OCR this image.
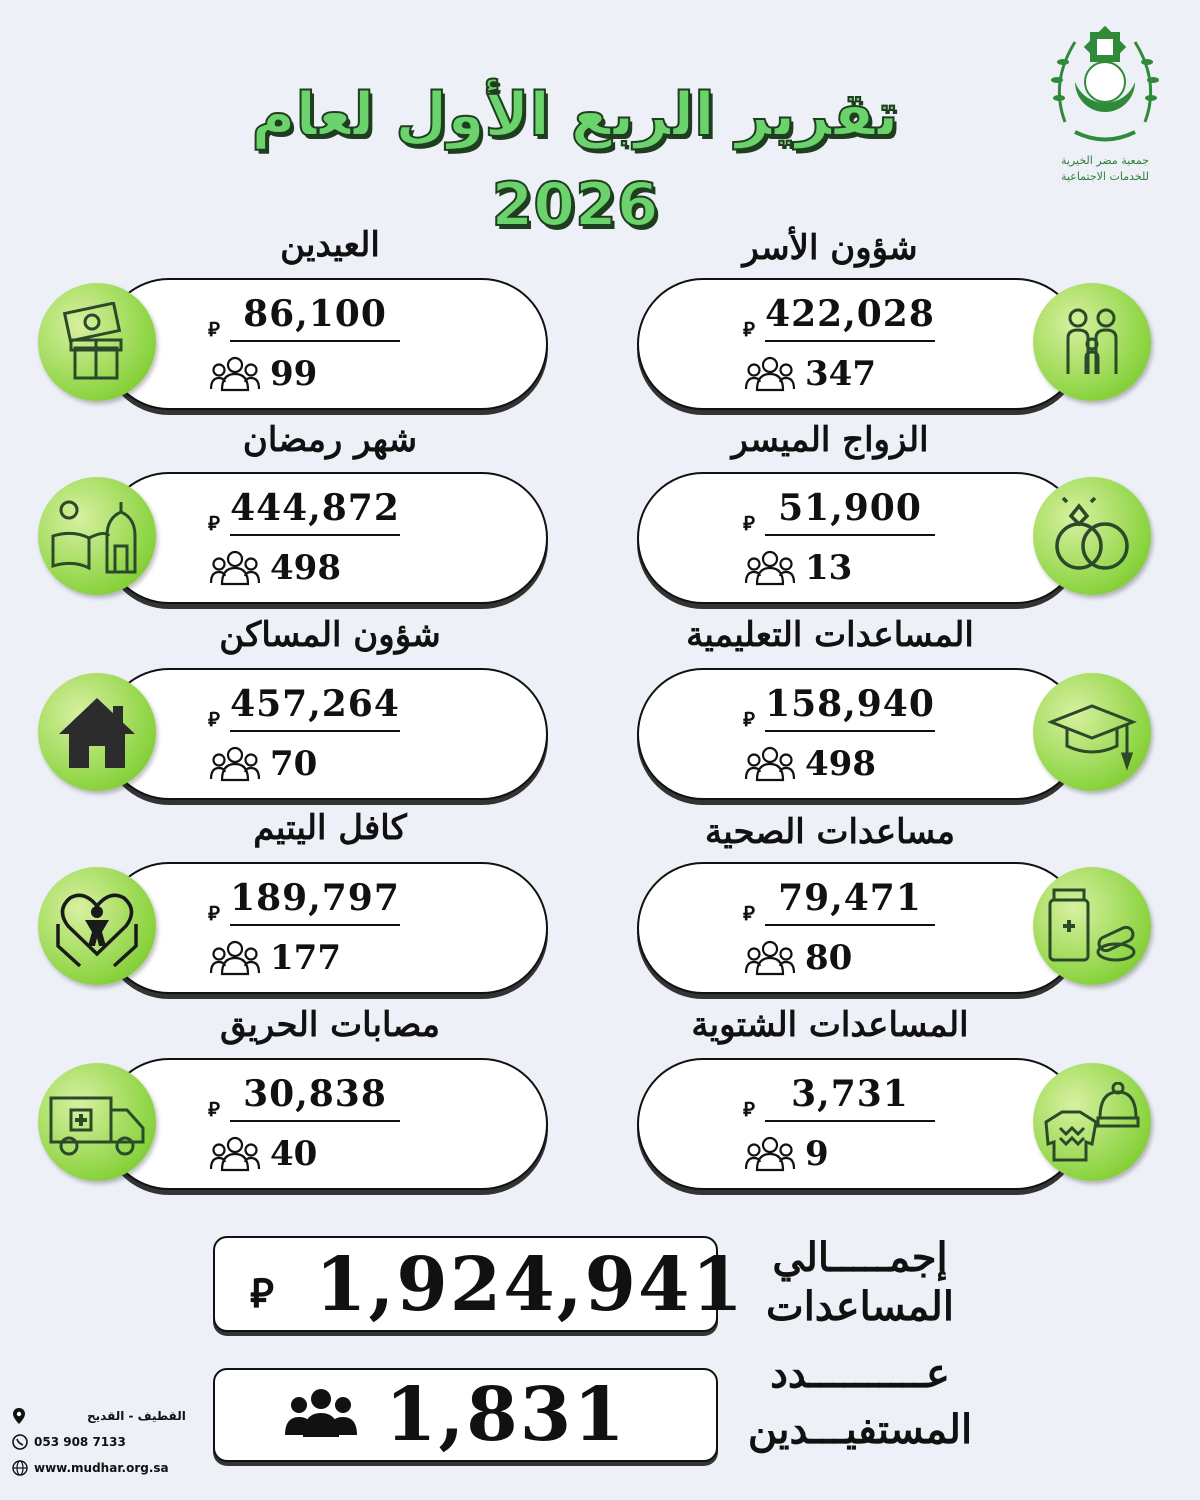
جمعية مضر الخيرية
للخدمات الاجتماعية
تقرير الربع الأول لعام 2026
شؤون الأسر
422,028
⃁
347
العيدين
86,100
⃁
99
الزواج الميسر
51,900
⃁
13
شهر رمضان
444,872
⃁
498
المساعدات التعليمية
158,940
⃁
498
شؤون المساكن
457,264
⃁
70
مساعدات الصحية
79,471
⃁
80
كافل اليتيم
189,797
⃁
177
المساعدات الشتوية
3,731
⃁
9
مصابات الحريق
30,838
⃁
40
1,924,941
⃁
إجمـــــالي
المساعدات
1,831	عــــــــــدد
المستفيـــدين
القطيف - القديح
053 908 7133
www.mudhar.org.sa
